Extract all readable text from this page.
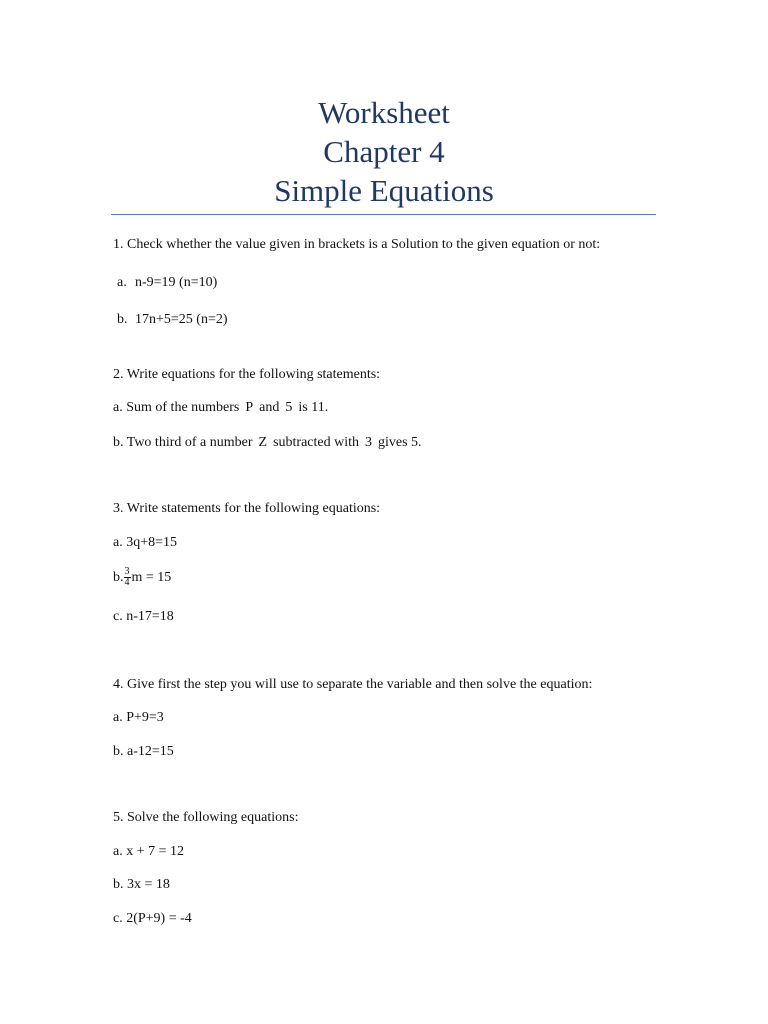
Worksheet
Chapter 4
Simple Equations
1. Check whether the value given in brackets is a Solution to the given equation or not:
a. n-9=19 (n=10)
b. 17n+5=25 (n=2)
2. Write equations for the following statements:
a. Sum of the numbers P and 5 is 11.
b. Two third of a number Z subtracted with 3 gives 5.
3. Write statements for the following equations:
a. 3q+8=15
b. $\frac{3}{4}$ m = 15
c. n-17=18
4. Give first the step you will use to separate the variable and then solve the equation:
a. P+9=3
b. a-12=15
5. Solve the following equations:
a. x + 7 = 12
b. 3x = 18
c. 2(P+9) = -4
